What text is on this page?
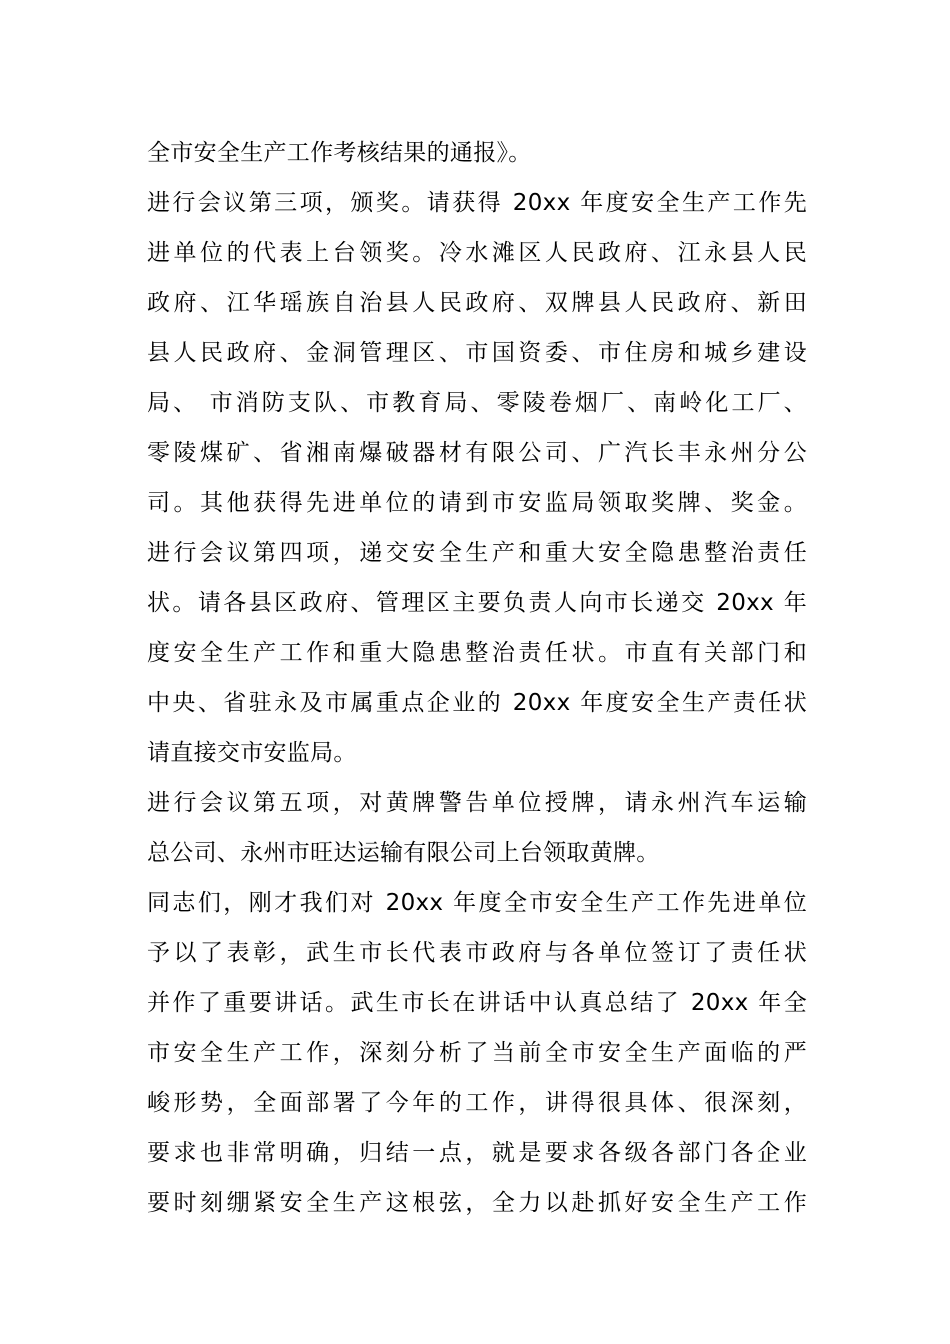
全市安全生产工作考核结果的通报》。
进行会议第三项，颁奖。请获得 20xx 年度安全生产工作先
进单位的代表上台领奖。冷水滩区人民政府、江永县人民
政府、江华瑶族自治县人民政府、双牌县人民政府、新田
县人民政府、金洞管理区、市国资委、市住房和城乡建设
局、 市消防支队、市教育局、零陵卷烟厂、南岭化工厂、
零陵煤矿、省湘南爆破器材有限公司、广汽长丰永州分公
司。其他获得先进单位的请到市安监局领取奖牌、奖金。
进行会议第四项，递交安全生产和重大安全隐患整治责任
状。请各县区政府、管理区主要负责人向市长递交 20xx 年
度安全生产工作和重大隐患整治责任状。市直有关部门和
中央、省驻永及市属重点企业的 20xx 年度安全生产责任状
请直接交市安监局。
进行会议第五项，对黄牌警告单位授牌，请永州汽车运输
总公司、永州市旺达运输有限公司上台领取黄牌。
同志们，刚才我们对 20xx 年度全市安全生产工作先进单位
予以了表彰，武生市长代表市政府与各单位签订了责任状
并作了重要讲话。武生市长在讲话中认真总结了 20xx 年全
市安全生产工作，深刻分析了当前全市安全生产面临的严
峻形势，全面部署了今年的工作，讲得很具体、很深刻，
要求也非常明确，归结一点，就是要求各级各部门各企业
要时刻绷紧安全生产这根弦，全力以赴抓好安全生产工作
